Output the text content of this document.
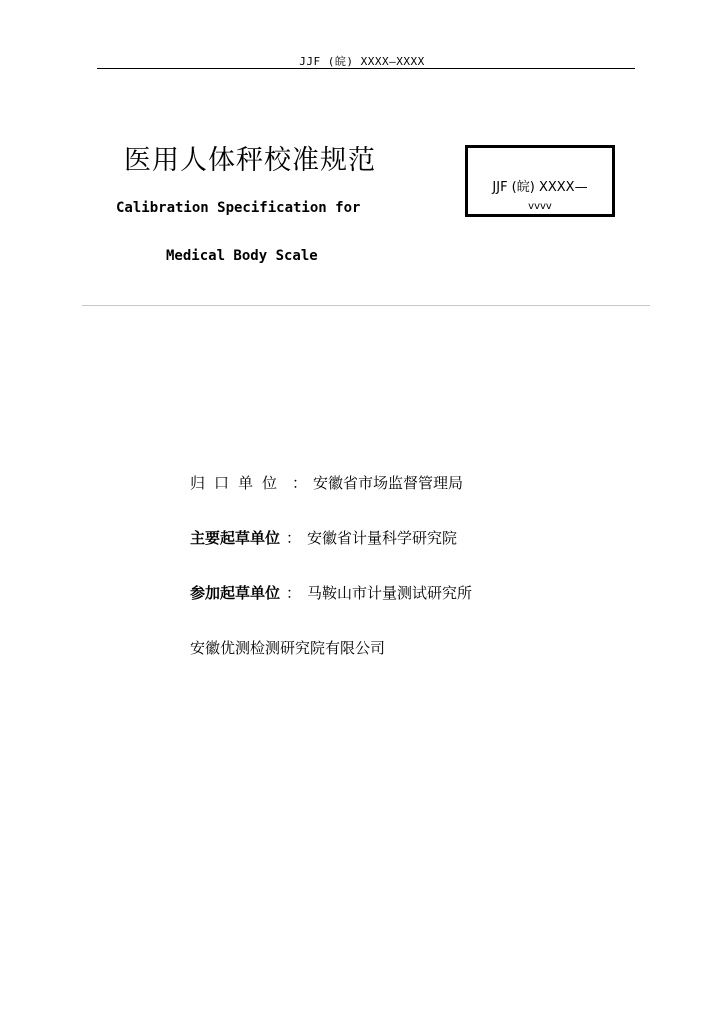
JJF (皖) XXXX—XXXX
医用人体秤校准规范
Calibration Specification for
Medical Body Scale
JJF (皖) XXXX—
vvvv
归口单位 ： 安徽省市场监督管理局
主要起草单位 ： 安徽省计量科学研究院
参加起草单位 ： 马鞍山市计量测试研究所
安徽优测检测研究院有限公司
